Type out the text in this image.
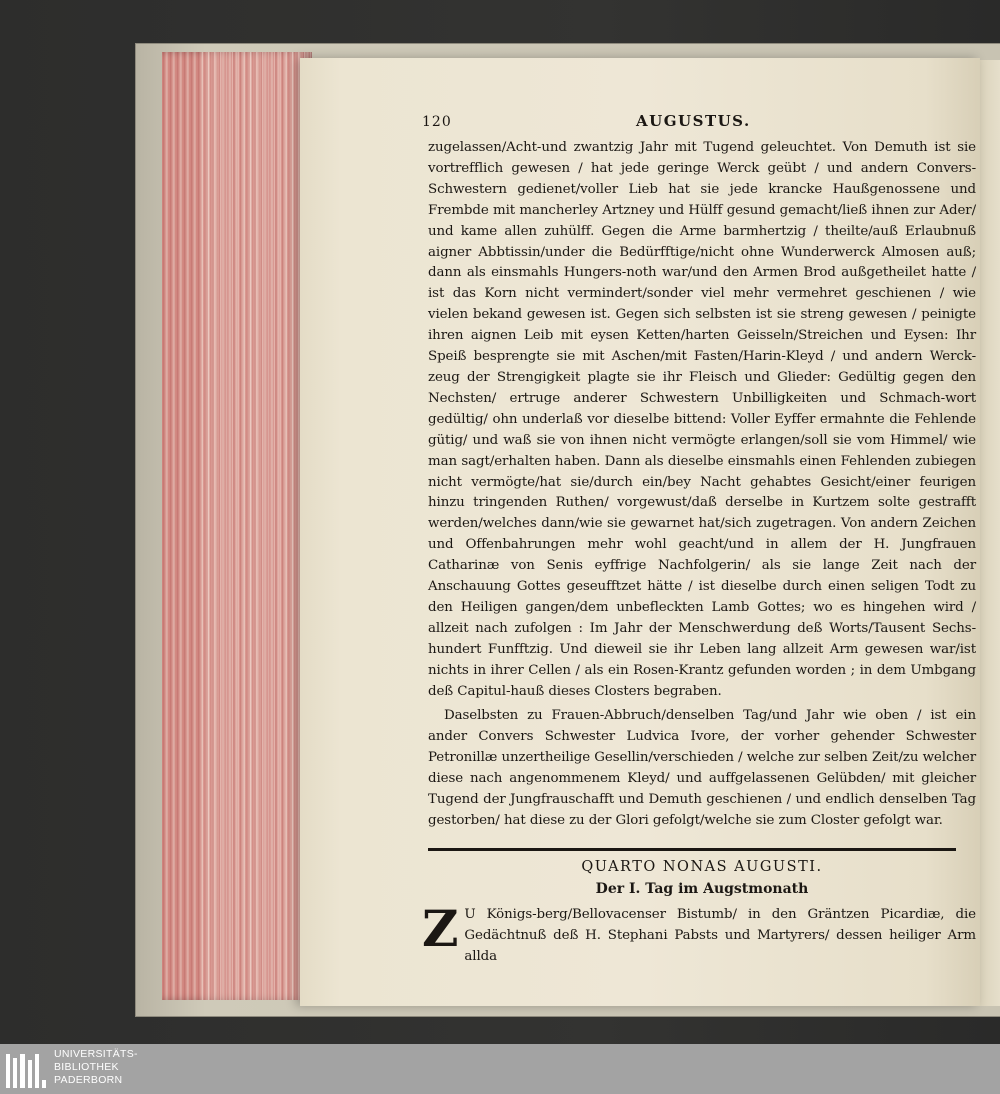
120	AUGUSTUS.

zugelassen/Acht-und zwantzig Jahr mit Tugend geleuchtet. Von Demuth ist sie vortrefflich gewesen / hat jede geringe Werck geübt / und andern Convers-Schwestern gedienet/voller Lieb hat sie jede krancke Haußgenossene und Frembde mit mancherley Artzney und Hülff gesund gemacht/ließ ihnen zur Ader/ und kame allen zuhülff. Gegen die Arme barmhertzig / theilte/auß Erlaubnuß aigner Abbtissin/under die Bedürfftige/nicht ohne Wunderwerck Almosen auß; dann als einsmahls Hungers-noth war/und den Armen Brod außgetheilet hatte / ist das Korn nicht vermindert/sonder viel mehr vermehret geschienen / wie vielen bekand gewesen ist. Gegen sich selbsten ist sie streng gewesen / peinigte ihren aignen Leib mit eysen Ketten/harten Geisseln/Streichen und Eysen: Ihr Speiß besprengte sie mit Aschen/mit Fasten/Harin-Kleyd / und andern Werck-zeug der Strengigkeit plagte sie ihr Fleisch und Glieder: Gedültig gegen den Nechsten/ ertruge anderer Schwestern Unbilligkeiten und Schmach-wort gedültig/ ohn underlaß vor dieselbe bittend: Voller Eyffer ermahnte die Fehlende gütig/ und waß sie von ihnen nicht vermögte erlangen/soll sie vom Himmel/ wie man sagt/erhalten haben. Dann als dieselbe einsmahls einen Fehlenden zubiegen nicht vermögte/hat sie/durch ein/bey Nacht gehabtes Gesicht/einer feurigen hinzu tringenden Ruthen/ vorgewust/daß derselbe in Kurtzem solte gestrafft werden/welches dann/wie sie gewarnet hat/sich zugetragen. Von andern Zeichen und Offenbahrungen mehr wohl geacht/und in allem der H. Jungfrauen Catharinæ von Senis eyffrige Nachfolgerin/ als sie lange Zeit nach der Anschauung Gottes geseufftzet hätte / ist dieselbe durch einen seligen Todt zu den Heiligen gangen/dem unbefleckten Lamb Gottes; wo es hingehen wird / allzeit nach zufolgen : Im Jahr der Menschwerdung deß Worts/Tausent Sechs-hundert Funfftzig. Und dieweil sie ihr Leben lang allzeit Arm gewesen war/ist nichts in ihrer Cellen / als ein Rosen-Krantz gefunden worden ; in dem Umbgang deß Capitul-hauß dieses Closters begraben.

Daselbsten zu Frauen-Abbruch/denselben Tag/und Jahr wie oben / ist ein ander Convers Schwester Ludvica Ivore, der vorher gehender Schwester Petronillæ unzertheilige Gesellin/verschieden / welche zur selben Zeit/zu welcher diese nach angenommenem Kleyd/ und auffgelassenen Gelübden/ mit gleicher Tugend der Jungfrauschafft und Demuth geschienen / und endlich denselben Tag gestorben/ hat diese zu der Glori gefolgt/welche sie zum Closter gefolgt war.

QUARTO NONAS AUGUSTI.
Der I. Tag im Augstmonath

Z U Königs-berg/Bellovacenser Bistumb/ in den Gräntzen Picardiæ, die Gedächtnuß deß H. Stephani Pabsts und Martyrers/ dessen heiliger Arm allda

UNIVERSITÄTS-
BIBLIOTHEK
PADERBORN
